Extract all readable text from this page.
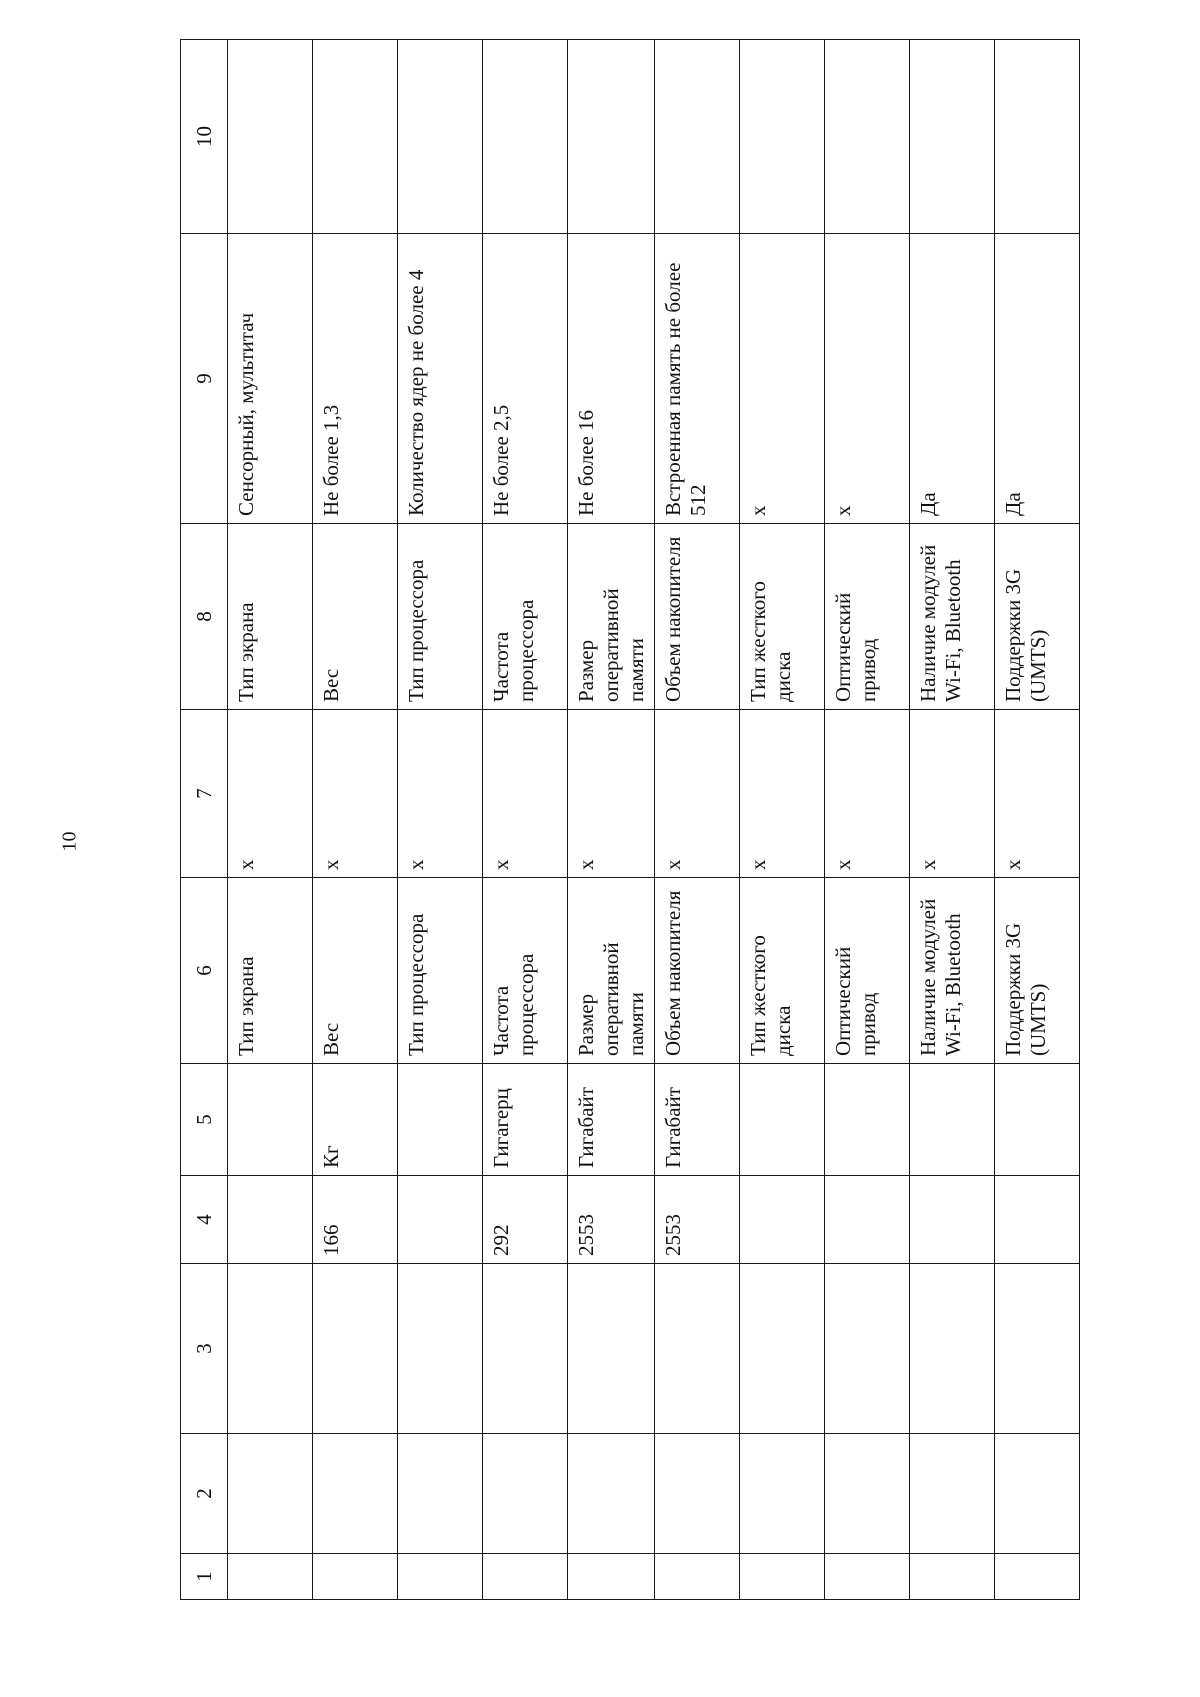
10
1	2	3	4	5	6	7	8	9	10
					Тип экрана	х	Тип экрана	Сенсорный, мультитач	
			166	Кг	Вес	х	Вес	Не более 1,3	
					Тип процессора	х	Тип процессора	Количество ядер не более 4	
			292	Гигагерц	Частота процессора	х	Частота процессора	Не более 2,5	
			2553	Гигабайт	Размер оперативной памяти	х	Размер оперативной памяти	Не более 16	
			2553	Гигабайт	Объем накопителя	х	Объем накопителя	Встроенная память не более 512	
					Тип жесткого диска	х	Тип жесткого диска	х	
					Оптический привод	х	Оптический привод	х	
					Наличие модулей Wi-Fi, Bluetooth	х	Наличие модулей Wi-Fi, Bluetooth	Да	
					Поддержки 3G (UMTS)	х	Поддержки 3G (UMTS)	Да	
